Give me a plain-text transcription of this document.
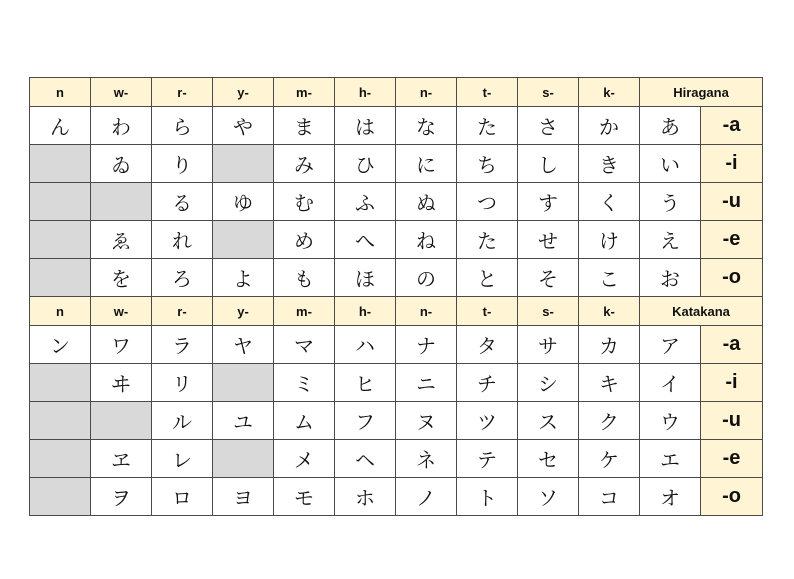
n	w-	r-	y-	m-	h-	n-	t-	s-	k-	Hiragana	
ん	わ	ら	や	ま	は	な	た	さ	か	あ	-a
	ゐ	り		み	ひ	に	ち	し	き	い	-i
		る	ゆ	む	ふ	ぬ	つ	す	く	う	-u
	ゑ	れ		め	へ	ね	た	せ	け	え	-e
	を	ろ	よ	も	ほ	の	と	そ	こ	お	-o
n	w-	r-	y-	m-	h-	n-	t-	s-	k-	Katakana	
ン	ワ	ラ	ヤ	マ	ハ	ナ	タ	サ	カ	ア	-a
	ヰ	リ		ミ	ヒ	ニ	チ	シ	キ	イ	-i
		ル	ユ	ム	フ	ヌ	ツ	ス	ク	ウ	-u
	ヱ	レ		メ	ヘ	ネ	テ	セ	ケ	エ	-e
	ヲ	ロ	ヨ	モ	ホ	ノ	ト	ソ	コ	オ	-o
